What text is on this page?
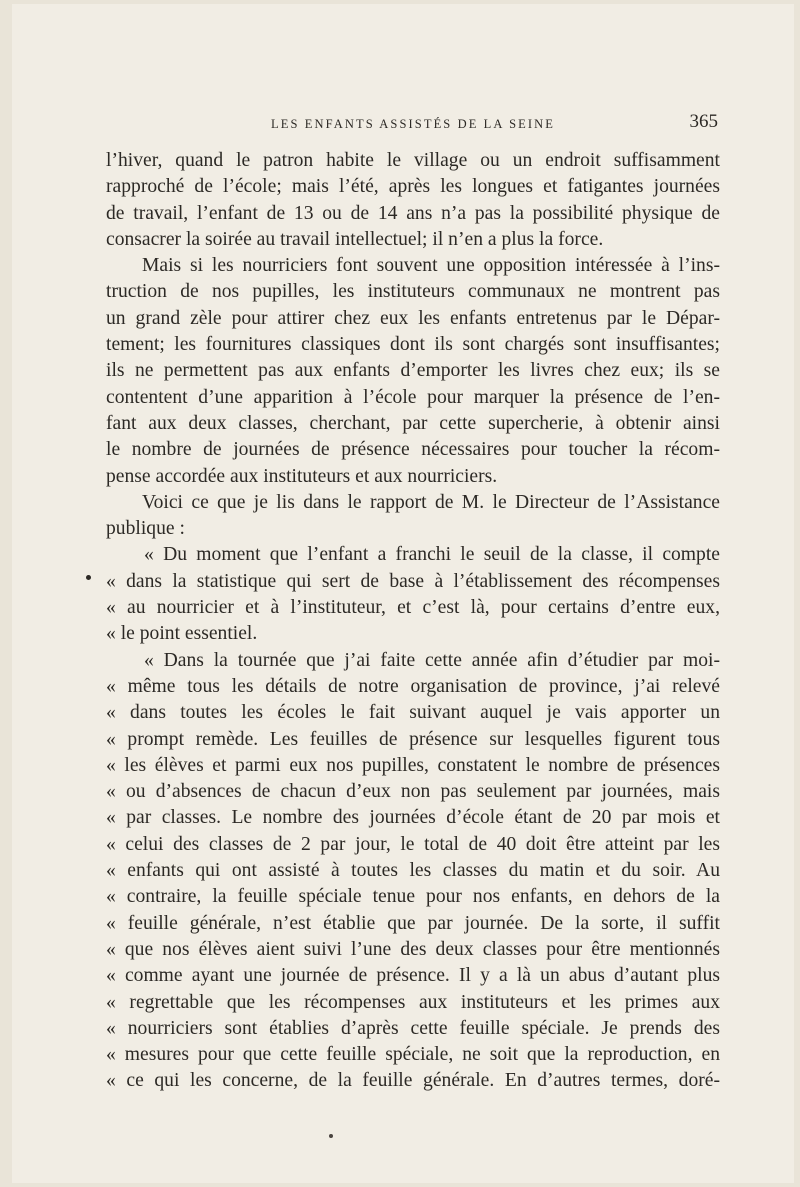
LES ENFANTS ASSISTÉS DE LA SEINE	365
l’hiver, quand le patron habite le village ou un endroit suffisamment
rapproché de l’école; mais l’été, après les longues et fatigantes journées
de travail, l’enfant de 13 ou de 14 ans n’a pas la possibilité physique de
consacrer la soirée au travail intellectuel; il n’en a plus la force.
Mais si les nourriciers font souvent une opposition intéressée à l’ins-
truction de nos pupilles, les instituteurs communaux ne montrent pas
un grand zèle pour attirer chez eux les enfants entretenus par le Dépar-
tement; les fournitures classiques dont ils sont chargés sont insuffisantes;
ils ne permettent pas aux enfants d’emporter les livres chez eux; ils se
contentent d’une apparition à l’école pour marquer la présence de l’en-
fant aux deux classes, cherchant, par cette supercherie, à obtenir ainsi
le nombre de journées de présence nécessaires pour toucher la récom-
pense accordée aux instituteurs et aux nourriciers.
Voici ce que je lis dans le rapport de M. le Directeur de l’Assistance
publique :
« Du moment que l’enfant a franchi le seuil de la classe, il compte
« dans la statistique qui sert de base à l’établissement des récompenses
« au nourricier et à l’instituteur, et c’est là, pour certains d’entre eux,
« le point essentiel.
« Dans la tournée que j’ai faite cette année afin d’étudier par moi-
« même tous les détails de notre organisation de province, j’ai relevé
« dans toutes les écoles le fait suivant auquel je vais apporter un
« prompt remède. Les feuilles de présence sur lesquelles figurent tous
« les élèves et parmi eux nos pupilles, constatent le nombre de présences
« ou d’absences de chacun d’eux non pas seulement par journées, mais
« par classes. Le nombre des journées d’école étant de 20 par mois et
« celui des classes de 2 par jour, le total de 40 doit être atteint par les
« enfants qui ont assisté à toutes les classes du matin et du soir. Au
« contraire, la feuille spéciale tenue pour nos enfants, en dehors de la
« feuille générale, n’est établie que par journée. De la sorte, il suffit
« que nos élèves aient suivi l’une des deux classes pour être mentionnés
« comme ayant une journée de présence. Il y a là un abus d’autant plus
« regrettable que les récompenses aux instituteurs et les primes aux
« nourriciers sont établies d’après cette feuille spéciale. Je prends des
« mesures pour que cette feuille spéciale, ne soit que la reproduction, en
« ce qui les concerne, de la feuille générale. En d’autres termes, doré-
